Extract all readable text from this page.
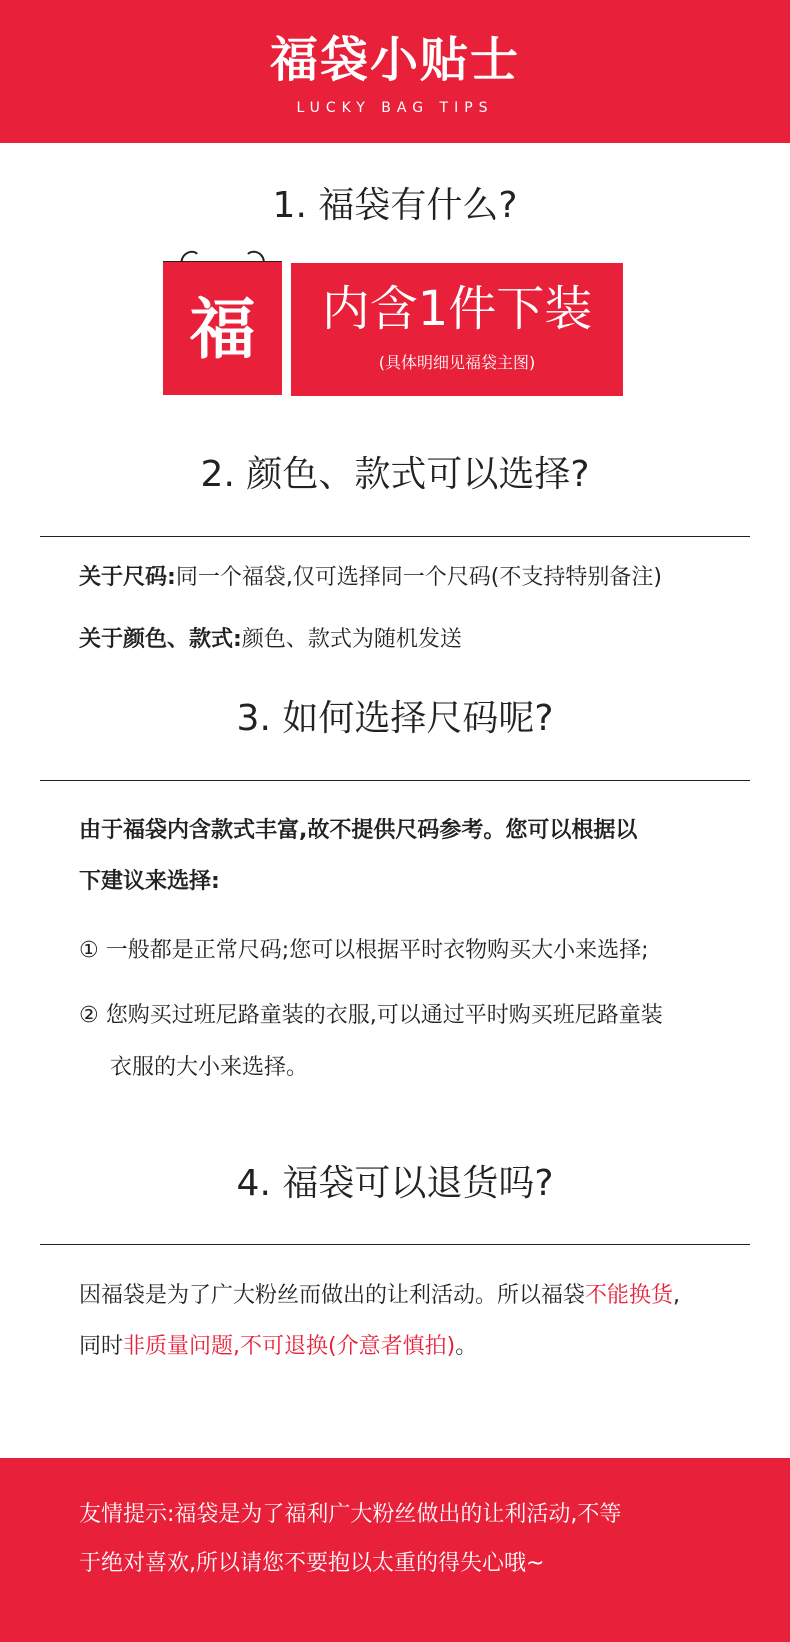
福袋小贴士
LUCKY BAG TIPS
1. 福袋有什么?
福	内含1件下装
(具体明细见福袋主图)
2. 颜色、款式可以选择?
关于尺码:同一个福袋,仅可选择同一个尺码(不支持特别备注)
关于颜色、款式:颜色、款式为随机发送
3. 如何选择尺码呢?
由于福袋内含款式丰富,故不提供尺码参考。您可以根据以
下建议来选择:
① 一般都是正常尺码;您可以根据平时衣物购买大小来选择;
② 您购买过班尼路童装的衣服,可以通过平时购买班尼路童装
衣服的大小来选择。
4. 福袋可以退货吗?
因福袋是为了广大粉丝而做出的让利活动。所以福袋不能换货,
同时非质量问题,不可退换(介意者慎拍)。
友情提示:福袋是为了福利广大粉丝做出的让利活动,不等
于绝对喜欢,所以请您不要抱以太重的得失心哦~
